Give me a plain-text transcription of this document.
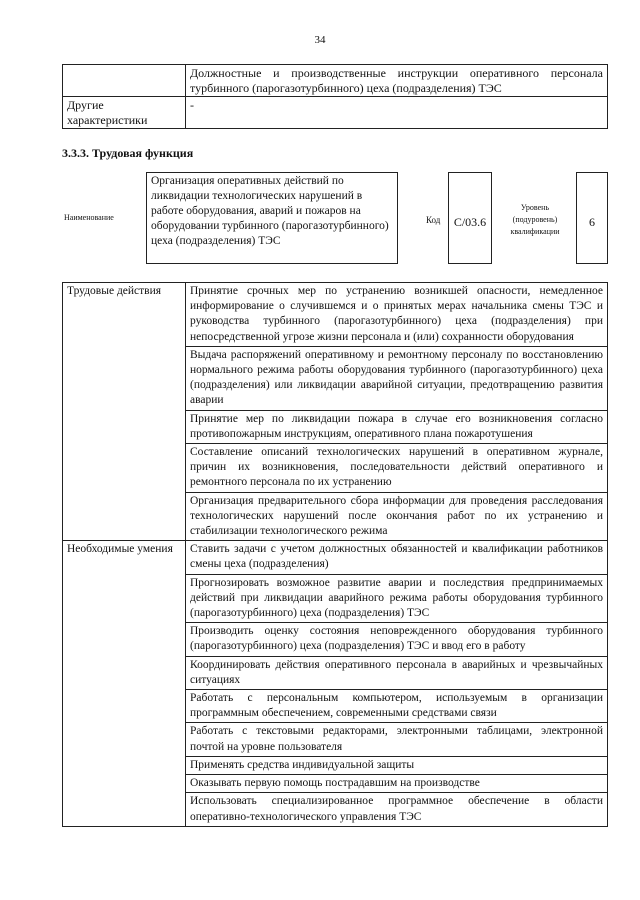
34
	Должностные и производственные инструкции оперативного персонала турбинного (парогазотурбинного) цеха (подразделения) ТЭС
Другие характеристики	-
3.3.3. Трудовая функция
Наименование
Организация оперативных действий по ликвидации технологических нарушений в работе оборудования, аварий и пожаров на оборудовании турбинного (парогазотурбинного) цеха (подразделения) ТЭС
Код	C/03.6
Уровень (подуровень) квалификации
6
Трудовые действия	Принятие срочных мер по устранению возникшей опасности, немедленное информирование о случившемся и о принятых мерах начальника смены ТЭС и руководства турбинного (парогазотурбинного) цеха (подразделения) при непосредственной угрозе жизни персонала и (или) сохранности оборудования
	Выдача распоряжений оперативному и ремонтному персоналу по восстановлению нормального режима работы оборудования турбинного (парогазотурбинного) цеха (подразделения) или ликвидации аварийной ситуации, предотвращению развития аварии
	Принятие мер по ликвидации пожара в случае его возникновения согласно противопожарным инструкциям, оперативного плана пожаротушения
	Составление описаний технологических нарушений в оперативном журнале, причин их возникновения, последовательности действий оперативного и ремонтного персонала по их устранению
	Организация предварительного сбора информации для проведения расследования технологических нарушений после окончания работ по их устранению и стабилизации технологического режима
Необходимые умения	Ставить задачи с учетом должностных обязанностей и квалификации работников смены цеха (подразделения)
	Прогнозировать возможное развитие аварии и последствия предпринимаемых действий при ликвидации аварийного режима работы оборудования турбинного (парогазотурбинного) цеха (подразделения) ТЭС
	Производить оценку состояния неповрежденного оборудования турбинного (парогазотурбинного) цеха (подразделения) ТЭС и ввод его в работу
	Координировать действия оперативного персонала в аварийных и чрезвычайных ситуациях
	Работать с персональным компьютером, используемым в организации программным обеспечением, современными средствами связи
	Работать с текстовыми редакторами, электронными таблицами, электронной почтой на уровне пользователя
	Применять средства индивидуальной защиты
	Оказывать первую помощь пострадавшим на производстве
	Использовать специализированное программное обеспечение в области оперативно-технологического управления ТЭС
